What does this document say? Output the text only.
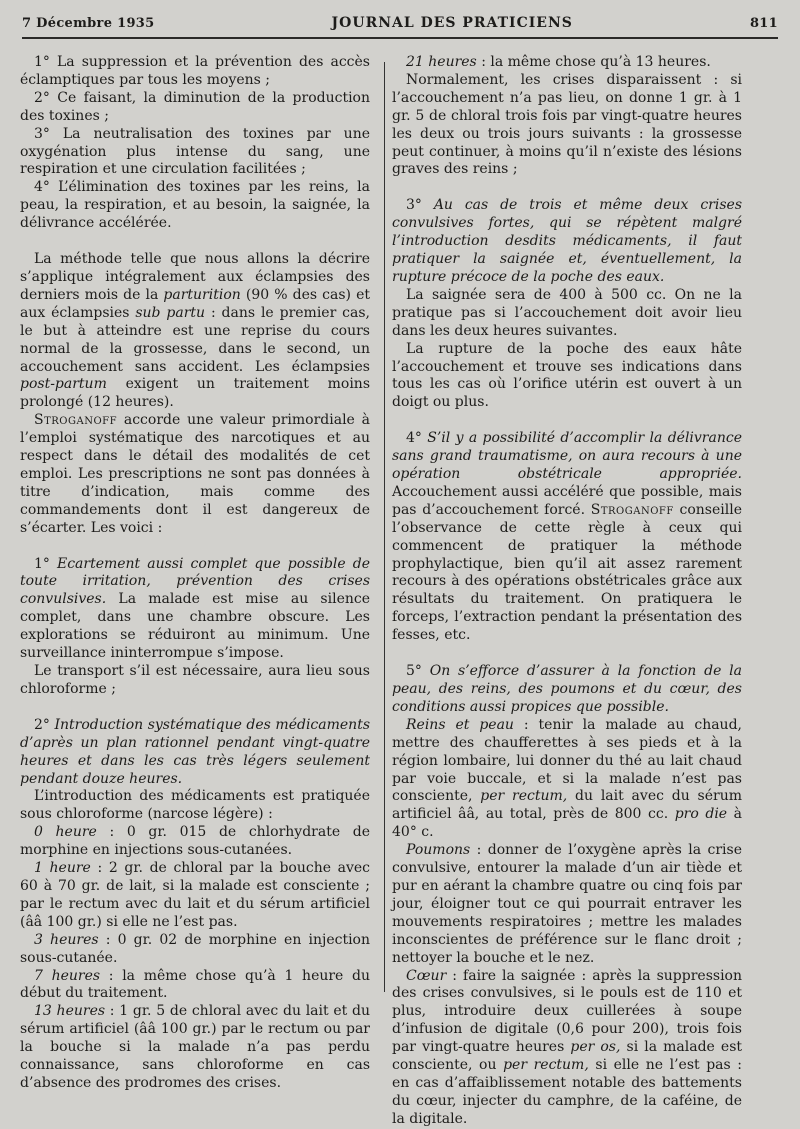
7 Décembre 1935	JOURNAL DES PRATICIENS	811

1° La suppression et la prévention des accès éclamptiques par tous les moyens ;

2° Ce faisant, la diminution de la production des toxines ;

3° La neutralisation des toxines par une oxygénation plus intense du sang, une respiration et une circulation facilitées ;

4° L’élimination des toxines par les reins, la peau, la respiration, et au besoin, la saignée, la délivrance accélérée.

La méthode telle que nous allons la décrire s’applique intégralement aux éclampsies des derniers mois de la parturition (90 % des cas) et aux éclampsies sub partu : dans le premier cas, le but à atteindre est une reprise du cours normal de la grossesse, dans le second, un accouchement sans accident. Les éclampsies post-partum exigent un traitement moins prolongé (12 heures).

Stroganoff accorde une valeur primordiale à l’emploi systématique des narcotiques et au respect dans le détail des modalités de cet emploi. Les prescriptions ne sont pas données à titre d’indication, mais comme des commandements dont il est dangereux de s’écarter. Les voici :

1° Ecartement aussi complet que possible de toute irritation, prévention des crises convulsives. La malade est mise au silence complet, dans une chambre obscure. Les explorations se réduiront au minimum. Une surveillance ininterrompue s’impose.

Le transport s’il est nécessaire, aura lieu sous chloroforme ;

2° Introduction systématique des médicaments d’après un plan rationnel pendant vingt-quatre heures et dans les cas très légers seulement pendant douze heures.

L’introduction des médicaments est pratiquée sous chloroforme (narcose légère) :

0 heure : 0 gr. 015 de chlorhydrate de morphine en injections sous-cutanées.

1 heure : 2 gr. de chloral par la bouche avec 60 à 70 gr. de lait, si la malade est consciente ; par le rectum avec du lait et du sérum artificiel (ââ 100 gr.) si elle ne l’est pas.

3 heures : 0 gr. 02 de morphine en injection sous-cutanée.

7 heures : la même chose qu’à 1 heure du début du traitement.

13 heures : 1 gr. 5 de chloral avec du lait et du sérum artificiel (ââ 100 gr.) par le rectum ou par la bouche si la malade n’a pas perdu connaissance, sans chloroforme en cas d’absence des prodromes des crises.

21 heures : la même chose qu’à 13 heures.

Normalement, les crises disparaissent : si l’accouchement n’a pas lieu, on donne 1 gr. à 1 gr. 5 de chloral trois fois par vingt-quatre heures les deux ou trois jours suivants : la grossesse peut continuer, à moins qu’il n’existe des lésions graves des reins ;

3° Au cas de trois et même deux crises convulsives fortes, qui se répètent malgré l’introduction desdits médicaments, il faut pratiquer la saignée et, éventuellement, la rupture précoce de la poche des eaux.

La saignée sera de 400 à 500 cc. On ne la pratique pas si l’accouchement doit avoir lieu dans les deux heures suivantes.

La rupture de la poche des eaux hâte l’accouchement et trouve ses indications dans tous les cas où l’orifice utérin est ouvert à un doigt ou plus.

4° S’il y a possibilité d’accomplir la délivrance sans grand traumatisme, on aura recours à une opération obstétricale appropriée. Accouchement aussi accéléré que possible, mais pas d’accouchement forcé. Stroganoff conseille l’observance de cette règle à ceux qui commencent de pratiquer la méthode prophylactique, bien qu’il ait assez rarement recours à des opérations obstétricales grâce aux résultats du traitement. On pratiquera le forceps, l’extraction pendant la présentation des fesses, etc.

5° On s’efforce d’assurer à la fonction de la peau, des reins, des poumons et du cœur, des conditions aussi propices que possible.

Reins et peau : tenir la malade au chaud, mettre des chaufferettes à ses pieds et à la région lombaire, lui donner du thé au lait chaud par voie buccale, et si la malade n’est pas consciente, per rectum, du lait avec du sérum artificiel ââ, au total, près de 800 cc. pro die à 40° c.

Poumons : donner de l’oxygène après la crise convulsive, entourer la malade d’un air tiède et pur en aérant la chambre quatre ou cinq fois par jour, éloigner tout ce qui pourrait entraver les mouvements respiratoires ; mettre les malades inconscientes de préférence sur le flanc droit ; nettoyer la bouche et le nez.

Cœur : faire la saignée : après la suppression des crises convulsives, si le pouls est de 110 et plus, introduire deux cuillerées à soupe d’infusion de digitale (0,6 pour 200), trois fois par vingt-quatre heures per os, si la malade est consciente, ou per rectum, si elle ne l’est pas : en cas d’affaiblissement notable des battements du cœur, injecter du camphre, de la caféine, de la digitale.
